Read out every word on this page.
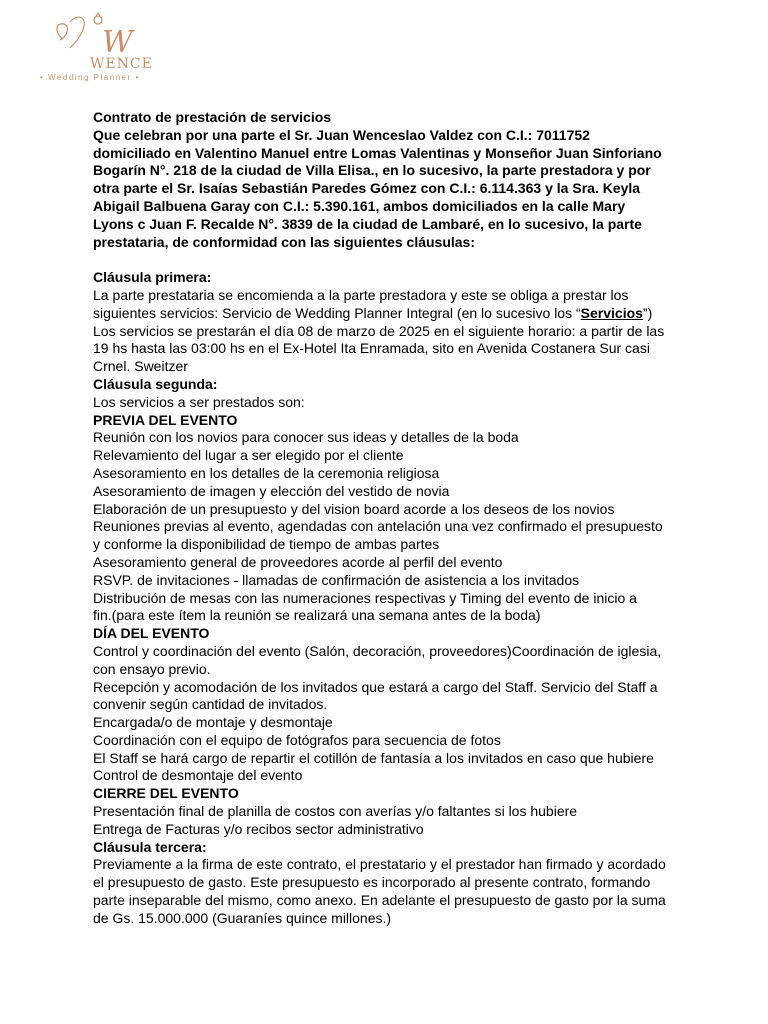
W
WENCE
• Wedding Planner •
Contrato de prestación de servicios
Que celebran por una parte el Sr. Juan Wenceslao Valdez con C.I.: 7011752
domiciliado en Valentino Manuel entre Lomas Valentinas y Monseñor Juan Sinforiano
Bogarín N°. 218 de la ciudad de Villa Elisa., en lo sucesivo, la parte prestadora y por
otra parte el Sr. Isaías Sebastián Paredes Gómez con C.I.: 6.114.363 y la Sra. Keyla
Abigail Balbuena Garay con C.I.: 5.390.161, ambos domiciliados en la calle Mary
Lyons c Juan F. Recalde N°. 3839 de la ciudad de Lambaré, en lo sucesivo, la parte
prestataria, de conformidad con las siguientes cláusulas:
Cláusula primera:
La parte prestataria se encomienda a la parte prestadora y este se obliga a prestar los
siguientes servicios: Servicio de Wedding Planner Integral (en lo sucesivo los “Servicios”)
Los servicios se prestarán el día 08 de marzo de 2025 en el siguiente horario: a partir de las
19 hs hasta las 03:00 hs en el Ex-Hotel Ita Enramada, sito en Avenida Costanera Sur casi
Crnel. Sweitzer
Cláusula segunda:
Los servicios a ser prestados son:
PREVIA DEL EVENTO
Reunión con los novios para conocer sus ideas y detalles de la boda
Relevamiento del lugar a ser elegido por el cliente
Asesoramiento en los detalles de la ceremonia religiosa
Asesoramiento de imagen y elección del vestido de novia
Elaboración de un presupuesto y del vision board acorde a los deseos de los novios
Reuniones previas al evento, agendadas con antelación una vez confirmado el presupuesto
y conforme la disponibilidad de tiempo de ambas partes
Asesoramiento general de proveedores acorde al perfil del evento
RSVP. de invitaciones - llamadas de confirmación de asistencia a los invitados
Distribución de mesas con las numeraciones respectivas y Timing del evento de inicio a
fin.(para este ítem la reunión se realizará una semana antes de la boda)
DÍA DEL EVENTO
Control y coordinación del evento (Salón, decoración, proveedores)Coordinación de iglesia,
con ensayo previo.
Recepción y acomodación de los invitados que estará a cargo del Staff. Servicio del Staff a
convenir según cantidad de invitados.
Encargada/o de montaje y desmontaje
Coordinación con el equipo de fotógrafos para secuencia de fotos
El Staff se hará cargo de repartir el cotillón de fantasía a los invitados en caso que hubiere
Control de desmontaje del evento
CIERRE DEL EVENTO
Presentación final de planilla de costos con averías y/o faltantes si los hubiere
Entrega de Facturas y/o recibos sector administrativo
Cláusula tercera:
Previamente a la firma de este contrato, el prestatario y el prestador han firmado y acordado
el presupuesto de gasto. Este presupuesto es incorporado al presente contrato, formando
parte inseparable del mismo, como anexo. En adelante el presupuesto de gasto por la suma
de Gs. 15.000.000 (Guaraníes quince millones.)
